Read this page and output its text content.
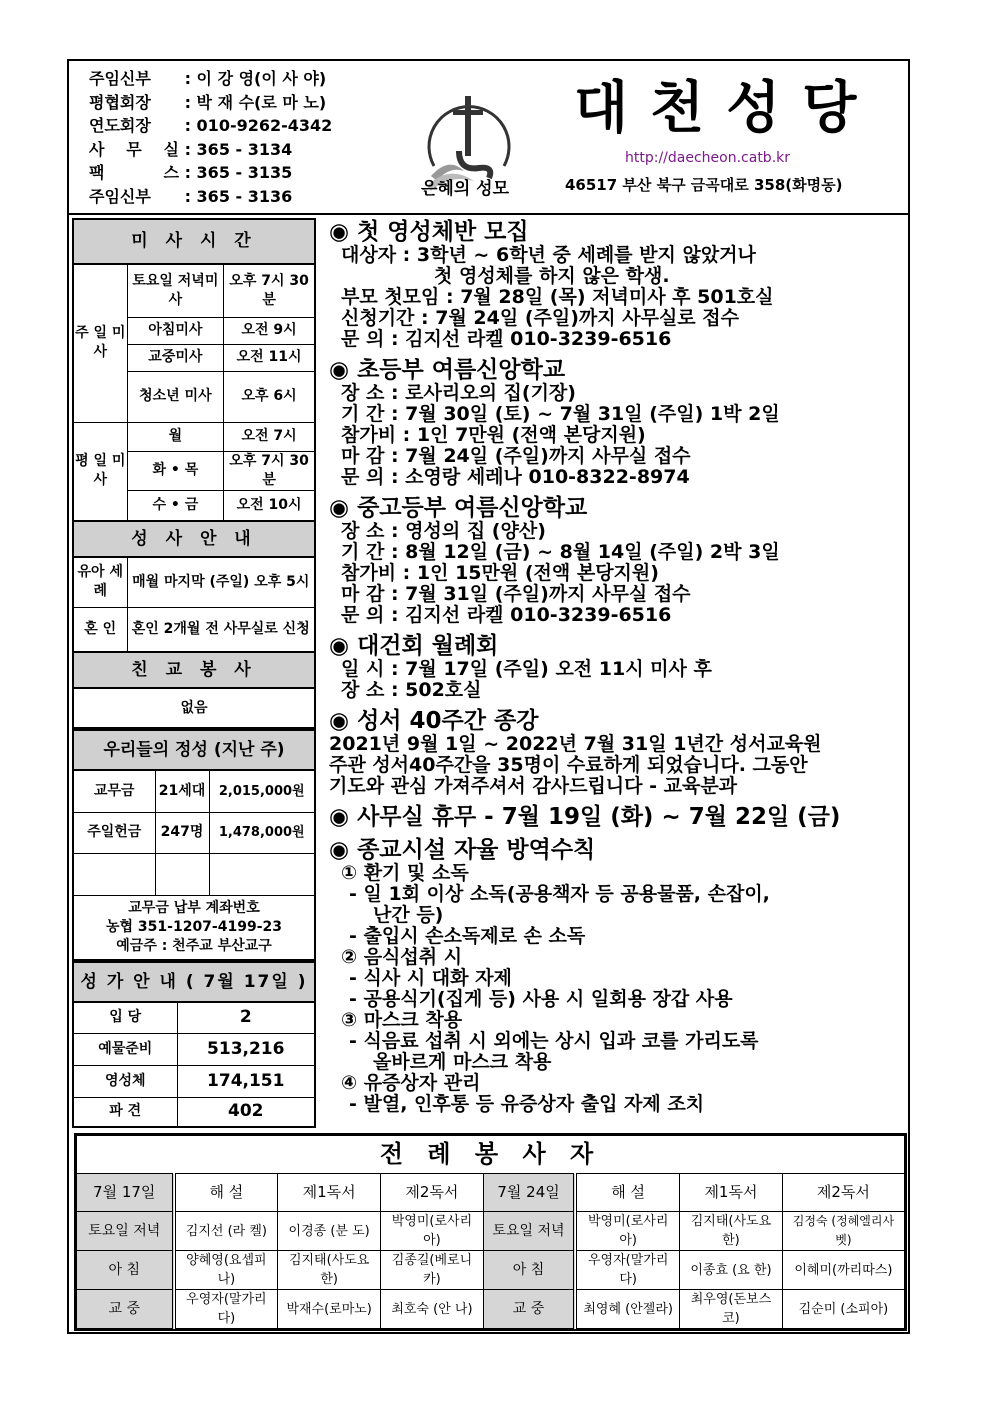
주임신부 : 이 강 영(이 사 야)
평협회장 : 박 재 수(로 마 노)
연도회장 : 010-9262-4342
사 무 실 : 365 - 3134
팩 스 : 365 - 3135
주임신부 : 365 - 3136	은혜의 성모
대천성당
http://daecheon.catb.kr
46517 부산 북구 금곡대로 358(화명동)
미 사 시 간		
주 일 미 사	토요일 저녁미사	오후 7시 30분
	아침미사	오전 9시
	교중미사	오전 11시
	청소년 미사	오후 6시
평 일 미 사	월	오전 7시
	화 • 목	오후 7시 30분
	수 • 금	오전 10시
성 사 안 내		
유아 세례	매월 마지막 (주일) 오후 5시	
혼 인	혼인 2개월 전 사무실로 신청	
친 교 봉 사		
없음		
우리들의 정성 (지난 주)		
교무금	21세대	2,015,000원
주일헌금	247명	1,478,000원

교무금 납부 계좌번호
농협 351-1207-4199-23
예금주 : 천주교 부산교구		
성 가 안 내 ( 7월 17일 )	
입 당	2
예물준비	513,216
영성체	174,151
파 견	402
◉ 첫 영성체반 모집
대상자 : 3학년 ~ 6학년 중 세례를 받지 않았거나
첫 영성체를 하지 않은 학생.
부모 첫모임 : 7월 28일 (목) 저녁미사 후 501호실
신청기간 : 7월 24일 (주일)까지 사무실로 접수
문 의 : 김지선 라켈 010-3239-6516
◉ 초등부 여름신앙학교
장 소 : 로사리오의 집(기장)
기 간 : 7월 30일 (토) ~ 7월 31일 (주일) 1박 2일
참가비 : 1인 7만원 (전액 본당지원)
마 감 : 7월 24일 (주일)까지 사무실 접수
문 의 : 소영랑 세레나 010-8322-8974
◉ 중고등부 여름신앙학교
장 소 : 영성의 집 (양산)
기 간 : 8월 12일 (금) ~ 8월 14일 (주일) 2박 3일
참가비 : 1인 15만원 (전액 본당지원)
마 감 : 7월 31일 (주일)까지 사무실 접수
문 의 : 김지선 라켈 010-3239-6516
◉ 대건회 월례회
일 시 : 7월 17일 (주일) 오전 11시 미사 후
장 소 : 502호실
◉ 성서 40주간 종강
2021년 9월 1일 ~ 2022년 7월 31일 1년간 성서교육원
주관 성서40주간을 35명이 수료하게 되었습니다. 그동안
기도와 관심 가져주셔서 감사드립니다 - 교육분과
◉ 사무실 휴무 - 7월 19일 (화) ~ 7월 22일 (금)
◉ 종교시설 자율 방역수칙
① 환기 및 소독
- 일 1회 이상 소독(공용책자 등 공용물품, 손잡이,
난간 등)
- 출입시 손소독제로 손 소독
② 음식섭취 시
- 식사 시 대화 자제
- 공용식기(집게 등) 사용 시 일회용 장갑 사용
③ 마스크 착용
- 식음료 섭취 시 외에는 상시 입과 코를 가리도록
올바르게 마스크 착용
④ 유증상자 관리
- 발열, 인후통 등 유증상자 출입 자제 조치
전 례 봉 사 자							
7월 17일	해 설	제1독서	제2독서	7월 24일	해 설	제1독서	제2독서
토요일 저녁	김지선 (라 켈)	이경종 (분 도)	박영미(로사리아)	토요일 저녁	박영미(로사리아)	김지태(사도요한)	김정숙 (정혜엘리사벳)
아 침	양혜영(요셉피나)	김지태(사도요한)	김종길(베로니카)	아 침	우영자(말가리다)	이종효 (요 한)	이혜미(까리따스)
교 중	우영자(말가리다)	박재수(로마노)	최호숙 (안 나)	교 중	최영혜 (안젤라)	최우영(돈보스코)	김순미 (소피아)
